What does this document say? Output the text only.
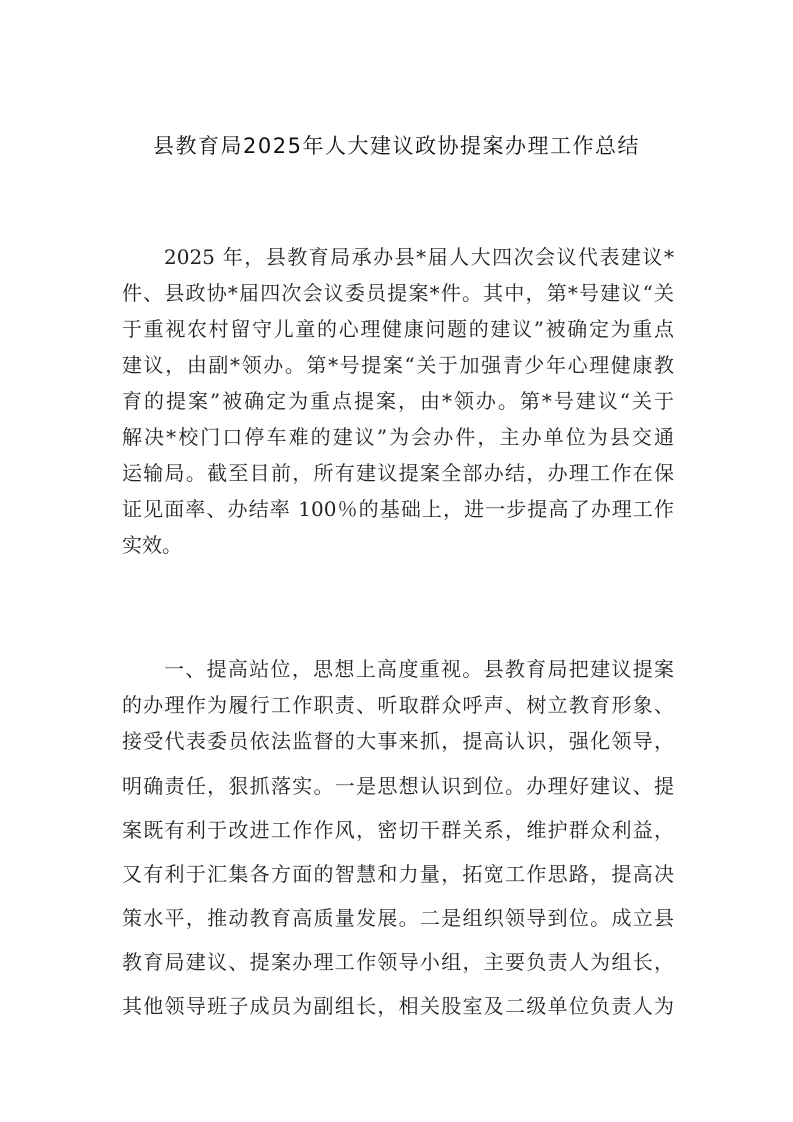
县教育局2025年人大建议政协提案办理工作总结
2025 年，县教育局承办县*届人大四次会议代表建议*
件、县政协*届四次会议委员提案*件。其中，第*号建议“关
于重视农村留守儿童的心理健康问题的建议”被确定为重点
建议，由副*领办。第*号提案“关于加强青少年心理健康教
育的提案”被确定为重点提案，由*领办。第*号建议“关于
解决*校门口停车难的建议”为会办件，主办单位为县交通
运输局。截至目前，所有建议提案全部办结，办理工作在保
证见面率、办结率 100％的基础上，进一步提高了办理工作
实效。
一、提高站位，思想上高度重视。县教育局把建议提案
的办理作为履行工作职责、听取群众呼声、树立教育形象、
接受代表委员依法监督的大事来抓，提高认识，强化领导，
明确责任，狠抓落实。一是思想认识到位。办理好建议、提
案既有利于改进工作作风，密切干群关系，维护群众利益，
又有利于汇集各方面的智慧和力量，拓宽工作思路，提高决
策水平，推动教育高质量发展。二是组织领导到位。成立县
教育局建议、提案办理工作领导小组，主要负责人为组长，
其他领导班子成员为副组长，相关股室及二级单位负责人为
